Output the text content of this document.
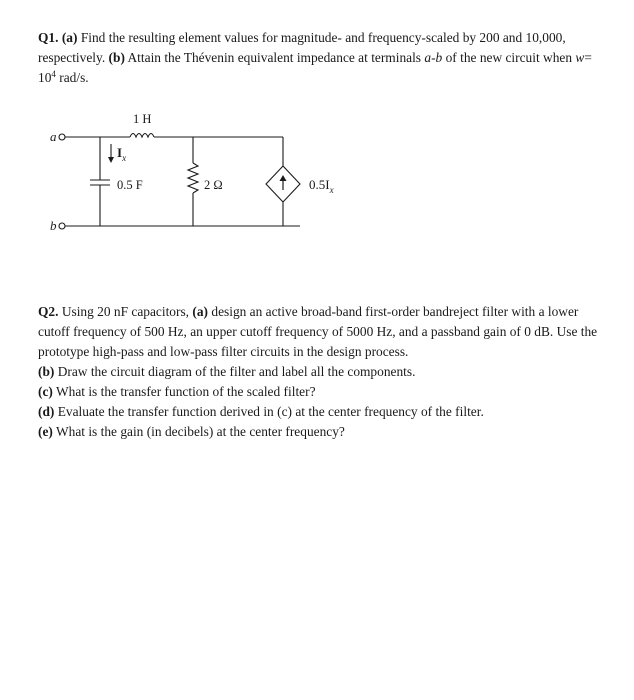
Q1. (a) Find the resulting element values for magnitude- and frequency-scaled by 200 and 10,000, respectively. (b) Attain the Thévenin equivalent impedance at terminals a-b of the new circuit when $w= 10^4$ rad/s.

a
b
1 H
$I_x$
0.5 F	2 Ω	$0.5I_x$

Q2. Using 20 nF capacitors, (a) design an active broad-band first-order bandreject filter with a lower cutoff frequency of 500 Hz, an upper cutoff frequency of 5000 Hz, and a passband gain of 0 dB. Use the prototype high-pass and low-pass filter circuits in the design process.

(b) Draw the circuit diagram of the filter and label all the components.

(c) What is the transfer function of the scaled filter?

(d) Evaluate the transfer function derived in (c) at the center frequency of the filter.

(e) What is the gain (in decibels) at the center frequency?
